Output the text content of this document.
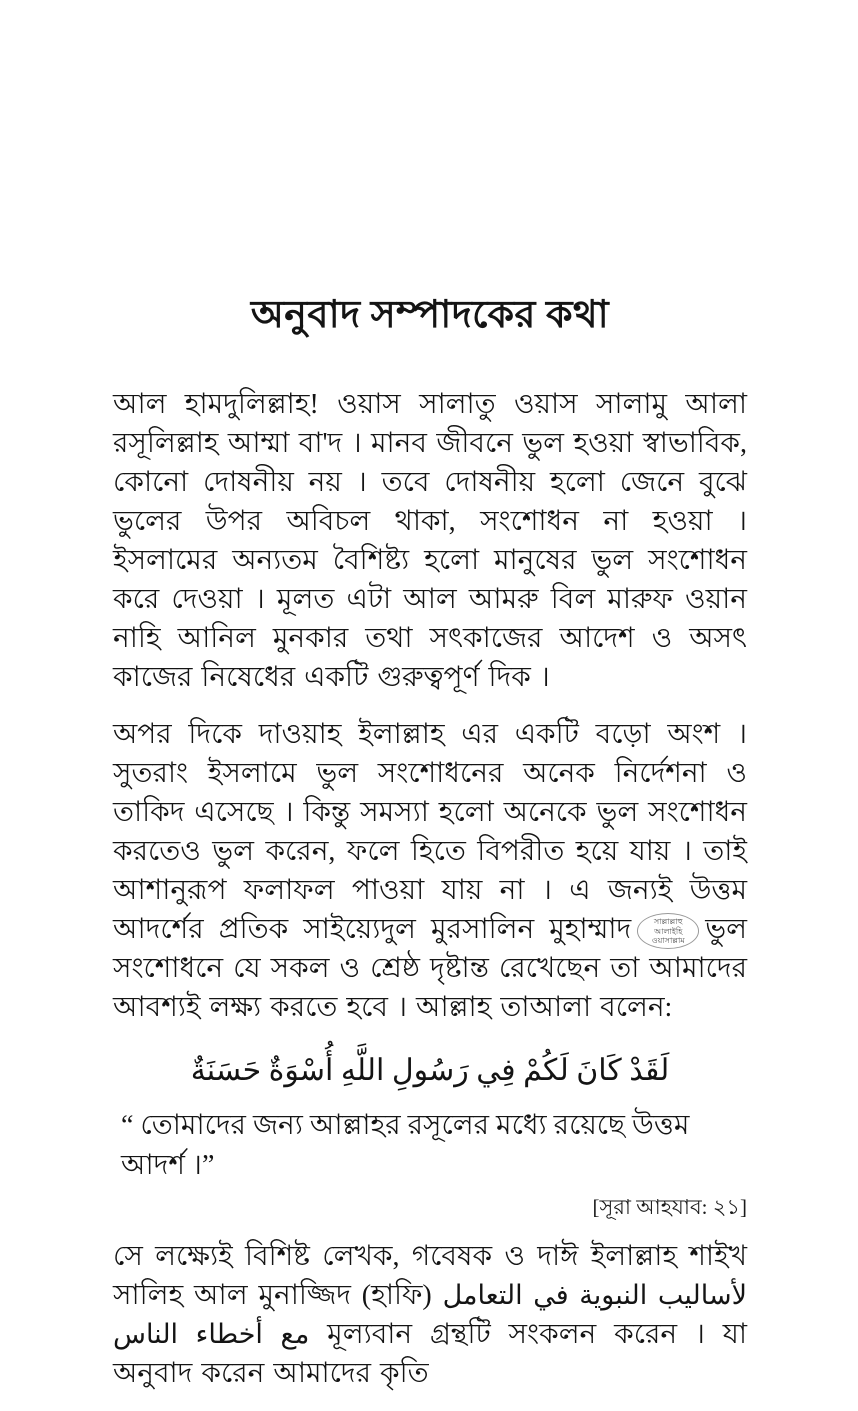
অনুবাদ সম্পাদকের কথা

আল হামদুলিল্লাহ! ওয়াস সালাতু ওয়াস সালামু আলা রসূলিল্লাহ আম্মা বা'দ । মানব জীবনে ভুল হওয়া স্বাভাবিক, কোনো দোষনীয় নয় । তবে দোষনীয় হলো জেনে বুঝে ভুলের উপর অবিচল থাকা, সংশোধন না হওয়া । ইসলামের অন্যতম বৈশিষ্ট্য হলো মানুষের ভুল সংশোধন করে দেওয়া । মূলত এটা আল আমরু বিল মারুফ ওয়ান নাহি আনিল মুনকার তথা সৎকাজের আদেশ ও অসৎ কাজের নিষেধের একটি গুরুত্বপূর্ণ দিক ।

অপর দিকে দাওয়াহ ইলাল্লাহ এর একটি বড়ো অংশ । সুতরাং ইসলামে ভুল সংশোধনের অনেক নির্দেশনা ও তাকিদ এসেছে । কিন্তু সমস্যা হলো অনেকে ভুল সংশোধন করতেও ভুল করেন, ফলে হিতে বিপরীত হয়ে যায় । তাই আশানুরূপ ফলাফল পাওয়া যায় না । এ জন্যই উত্তম আদর্শের প্রতিক সাইয়্যেদুল মুরসালিন মুহাম্মাদ	সাল্লাল্লাহু আলাইহি ওয়াসাল্লাম ভুল সংশোধনে যে সকল ও শ্রেষ্ঠ দৃষ্টান্ত রেখেছেন তা আমাদের আবশ্যই লক্ষ্য করতে হবে । আল্লাহ তাআলা বলেন:

لَقَدْ كَانَ لَكُمْ فِي رَسُولِ اللَّهِ أُسْوَةٌ حَسَنَةٌ
“ তোমাদের জন্য আল্লাহর রসূলের মধ্যে রয়েছে উত্তম আদর্শ ।”
[সূরা আহযাব: ২১]

সে লক্ষ্যেই বিশিষ্ট লেখক, গবেষক ও দাঈ ইলাল্লাহ শাইখ সালিহ আল মুনাজ্জিদ (হাফি) لأساليب النبوية في التعامل مع أخطاء الناس মূল্যবান গ্রন্থটি সংকলন করেন । যা অনুবাদ করেন আমাদের কৃতি
